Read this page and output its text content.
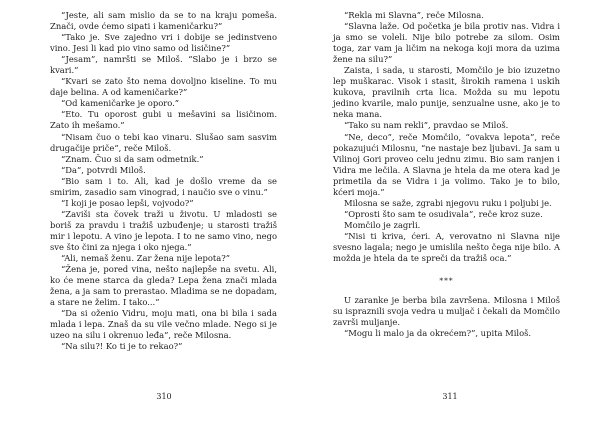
“Jeste, ali sam mislio da se to na kraju pomeša. Znači, ovde ćemo sipati i kameničarku?”

“Tako je. Sve zajedno vri i dobije se jedinstveno vino. Jesi li kad pio vino samo od lisičine?”

“Jesam”, namršti se Miloš. “Slabo je i brzo se kvari.”

“Kvari se zato što nema dovoljno kiseline. To mu daje belina. A od kameničarke?”

“Od kameničarke je oporo.”

“Eto. Tu oporost gubi u mešavini sa lisičinom. Zato ih mešamo.”

“Nisam čuo o tebi kao vinaru. Slušao sam sasvim drugačije priče”, reče Miloš.

“Znam. Čuo si da sam odmetnik.”

“Da”, potvrdi Miloš.

“Bio sam i to. Ali, kad je došlo vreme da se smirim, zasadio sam vinograd, i naučio sve o vinu.”

“I koji je posao lepši, vojvodo?”

“Zaviši sta čovek traži u životu. U mladosti se boriš za pravdu i tražiš uzbuđenje; u starosti tražiš mir i lepotu. A vino je lepota. I to ne samo vino, nego sve što čini za njega i oko njega.”

“Ali, nemaš ženu. Zar žena nije lepota?”

“Žena je, pored vina, nešto najlepše na svetu. Ali, ko će mene starca da gleda? Lepa žena znači mlada žena, a ja sam to prerastao. Mladima se ne dopadam, a stare ne želim. I tako...”

“Da si oženio Vidru, moju mati, ona bi bila i sada mlada i lepa. Znaš da su vile večno mlade. Nego si je uzeo na silu i okrenuo leđa”, reče Milosna.

“Na silu?! Ko ti je to rekao?”

310

“Rekla mi Slavna”, reče Milosna.

“Slavna laže. Od početka je bila protiv nas. Vidra i ja smo se voleli. Nije bilo potrebe za silom. Osim toga, zar vam ja ličim na nekoga koji mora da uzima žene na silu?”

Zaista, i sada, u starosti, Momčilo je bio izuzetno lep muškarac. Visok i stasit, širokih ramena i uskih kukova, pravilnih crta lica. Možda su mu lepotu jedino kvarile, malo punije, senzualne usne, ako je to neka mana.

“Tako su nam rekli”, pravdao se Miloš.

“Ne, deco”, reče Momčilo, “ovakva lepota”, reče pokazujući Milosnu, “ne nastaje bez ljubavi. Ja sam u Vilinoj Gori proveo celu jednu zimu. Bio sam ranjen i Vidra me lečila. A Slavna je htela da me otera kad je primetila da se Vidra i ja volimo. Tako je to bilo, kćeri moja.”

Milosna se saže, zgrabi njegovu ruku i poljubi je.

“Oprosti što sam te osudivala”, reče kroz suze.

Momčilo je zagrli.

“Nisi ti kriva, ćeri. A, verovatno ni Slavna nije svesno lagala; nego je umislila nešto čega nije bilo. A možda je htela da te spreči da tražiš oca.”

***

U zaranke je berba bila završena. Milosna i Miloš su ispraznili svoja vedra u muljač i čekali da Momčilo završi muljanje.

“Mogu li malo ja da okrećem?”, upita Miloš.

311
